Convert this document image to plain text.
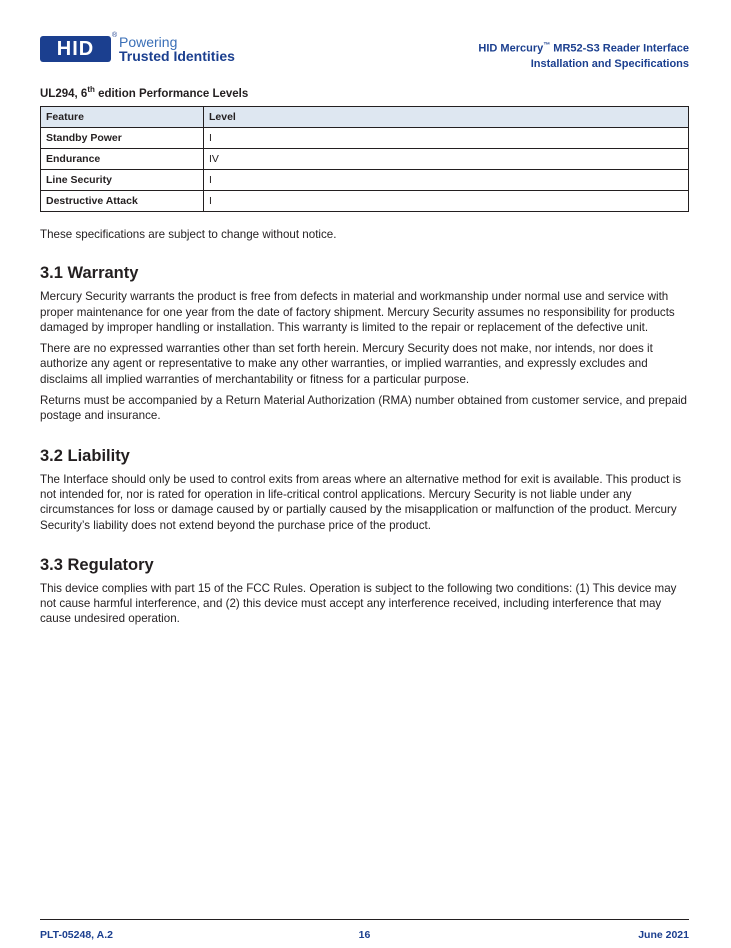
HID
® Powering
Trusted Identities	HID Mercury™ MR52-S3 Reader Interface
Installation and Specifications
UL294, 6th edition Performance Levels
Feature	Level
Standby Power	I
Endurance	IV
Line Security	I
Destructive Attack	I

These specifications are subject to change without notice.

3.1 Warranty

Mercury Security warrants the product is free from defects in material and workmanship under normal use and service with proper maintenance for one year from the date of factory shipment. Mercury Security assumes no responsibility for products damaged by improper handling or installation. This warranty is limited to the repair or replacement of the defective unit.

There are no expressed warranties other than set forth herein. Mercury Security does not make, nor intends, nor does it authorize any agent or representative to make any other warranties, or implied warranties, and expressly excludes and disclaims all implied warranties of merchantability or fitness for a particular purpose.

Returns must be accompanied by a Return Material Authorization (RMA) number obtained from customer service, and prepaid postage and insurance.

3.2 Liability

The Interface should only be used to control exits from areas where an alternative method for exit is available. This product is not intended for, nor is rated for operation in life-critical control applications. Mercury Security is not liable under any circumstances for loss or damage caused by or partially caused by the misapplication or malfunction of the product. Mercury Security’s liability does not extend beyond the purchase price of the product.

3.3 Regulatory

This device complies with part 15 of the FCC Rules. Operation is subject to the following two conditions: (1) This device may not cause harmful interference, and (2) this device must accept any interference received, including interference that may cause undesired operation.

PLT-05248, A.2	16	June 2021
